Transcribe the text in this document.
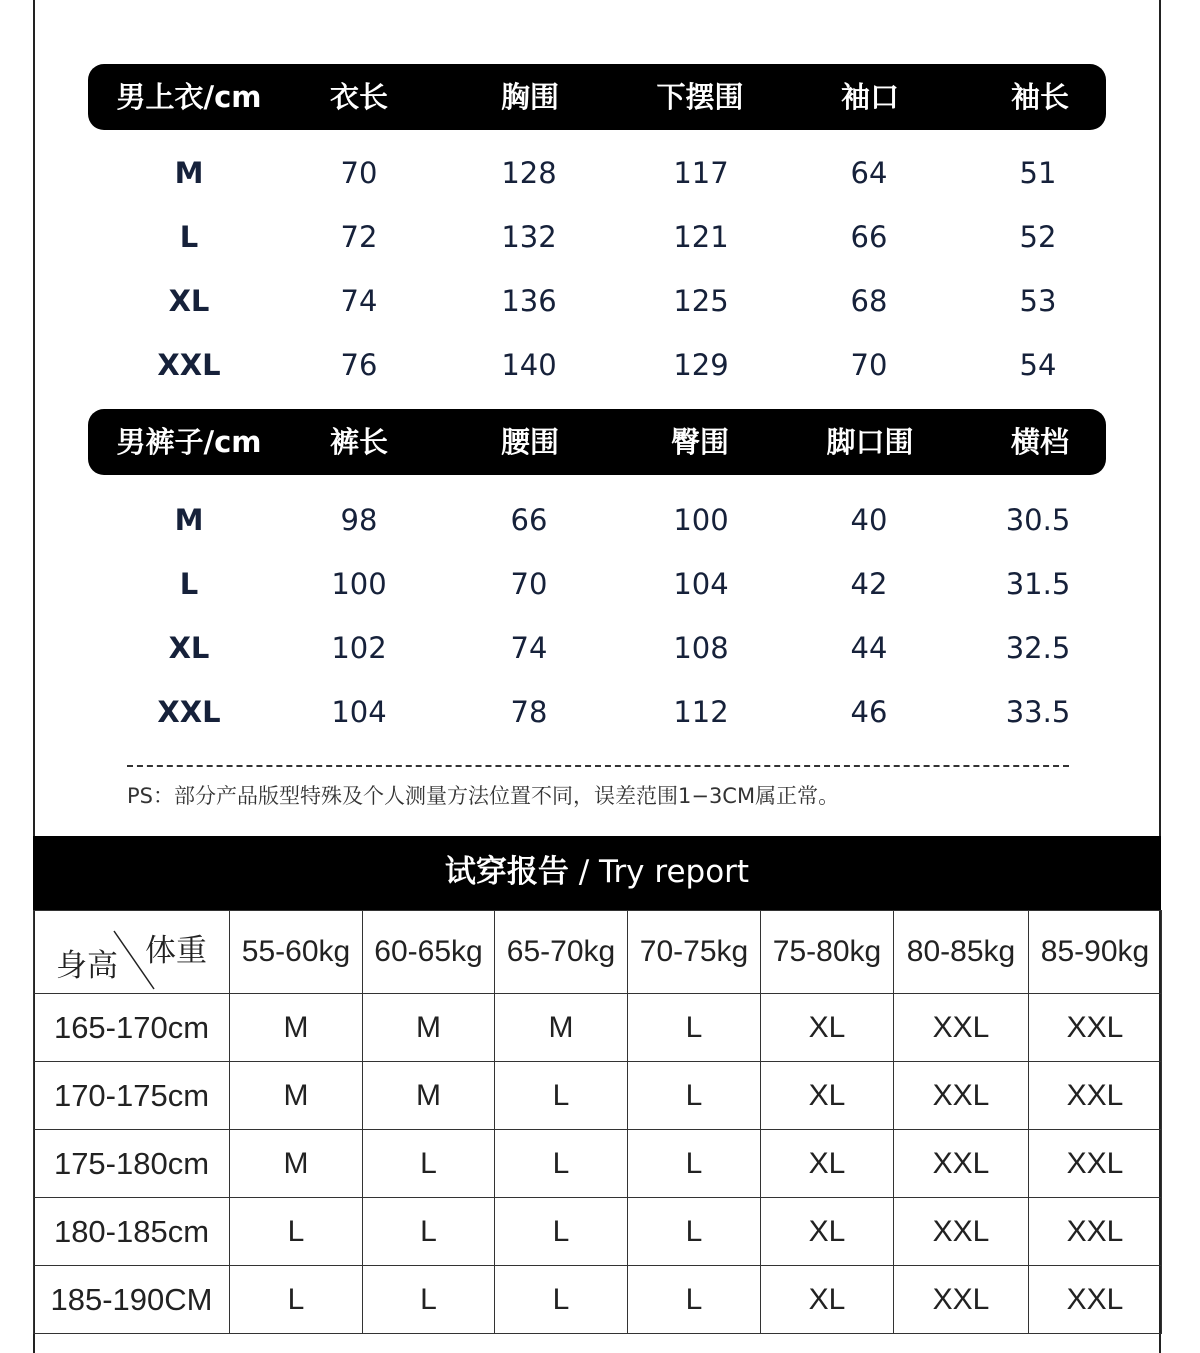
男上衣/cm 衣长	胸围	下摆围	袖口	袖长
M	70	128	117	64	51
L	72	132	121	66	52
XL	74	136	125	68	53
XXL	76	140	129	70	54
男裤子/cm 裤长	腰围	臀围	脚口围	横档
M	98	66	100	40	30.5
L	100	70	104	42	31.5
XL	102	74	108	44	32.5
XXL	104	78	112	46	33.5
PS：部分产品版型特殊及个人测量方法位置不同，误差范围1−3CM属正常。
试穿报告 / Try report
体重
身高	55-60kg	60-65kg	65-70kg	70-75kg	75-80kg	80-85kg	85-90kg
165-170cm	M	M	M	L	XL	XXL	XXL
170-175cm	M	M	L	L	XL	XXL	XXL
175-180cm	M	L	L	L	XL	XXL	XXL
180-185cm	L	L	L	L	XL	XXL	XXL
185-190CM	L	L	L	L	XL	XXL	XXL
